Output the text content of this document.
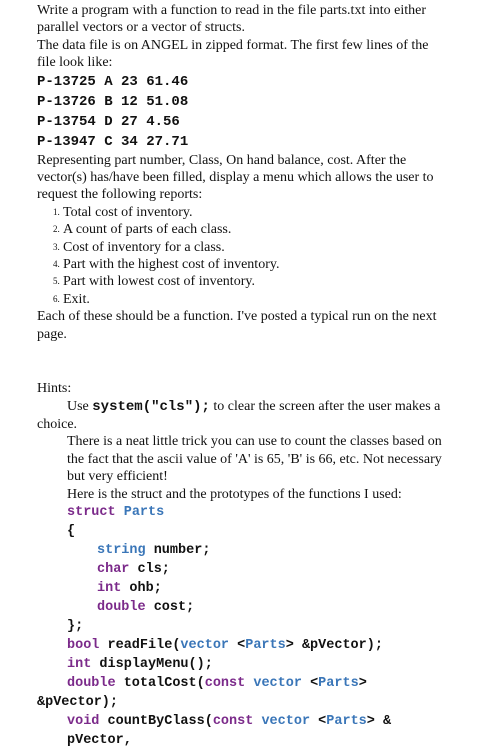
Write a program with a function to read in the file parts.txt into either

parallel vectors or a vector of structs.

The data file is on ANGEL in zipped format. The first few lines of the

file look like:

P-13725 A 23 61.46
P-13726 B 12 51.08
P-13754 D 27 4.56
P-13947 C 34 27.71

Representing part number, Class, On hand balance, cost. After the

vector(s) has/have been filled, display a menu which allows the user to

request the following reports:

1. Total cost of inventory.
2. A count of parts of each class.
3. Cost of inventory for a class.
4. Part with the highest cost of inventory.
5. Part with lowest cost of inventory.
6. Exit.

Each of these should be a function. I've posted a typical run on the next

page.

Hints:

Use system("cls"); to clear the screen after the user makes a

choice.

There is a neat little trick you can use to count the classes based on

the fact that the ascii value of 'A' is 65, 'B' is 66, etc. Not necessary

but very efficient!

Here is the struct and the prototypes of the functions I used:

struct Parts
{
string number;
char cls;
int ohb;
double cost;
};
bool readFile(vector <Parts> &pVector);
int displayMenu();
double totalCost(const vector <Parts>
&pVector);
void countByClass(const vector <Parts> &
pVector,
